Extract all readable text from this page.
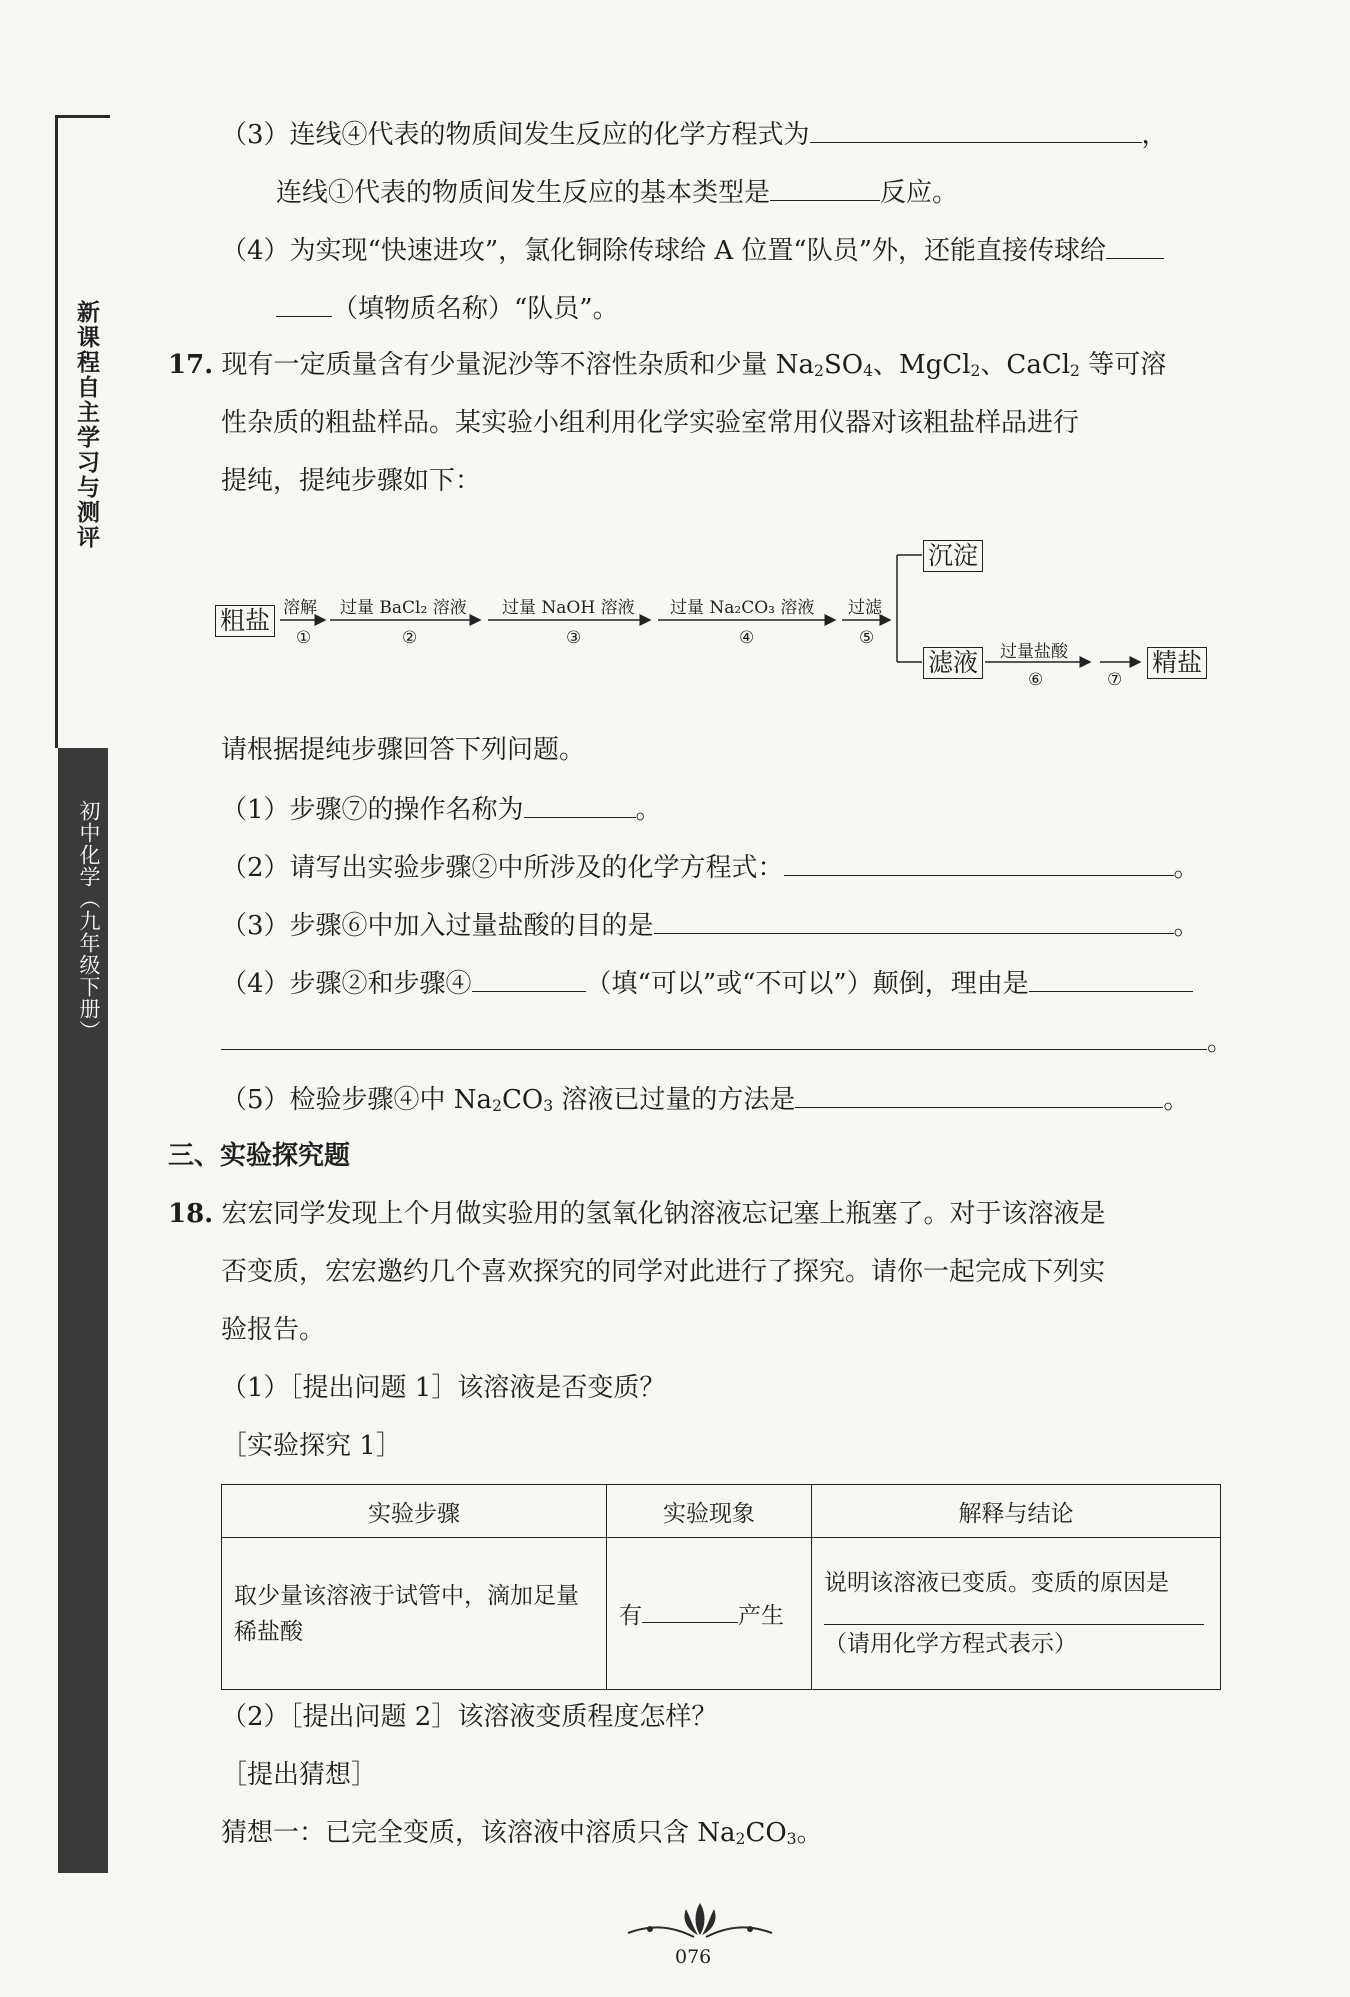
新课程自主学习与测评
初中化学（九年级下册）
（3）连线④代表的物质间发生反应的化学方程式为	，
连线①代表的物质间发生反应的基本类型是	反应。
（4）为实现“快速进攻”，氯化铜除传球给 A 位置“队员”外，还能直接传球给
（填物质名称）“队员”。
17. 现有一定质量含有少量泥沙等不溶性杂质和少量 $Na_2SO_4$、MgCl$_2$、CaCl$_2$ 等可溶
性杂质的粗盐样品。某实验小组利用化学实验室常用仪器对该粗盐样品进行
提纯，提纯步骤如下：
粗盐 溶解
①
过量 BaCl₂ 溶液
②
过量 NaOH 溶液
③
过量 Na₂CO₃ 溶液
④
过滤
⑤
沉淀
滤液 过量盐酸
⑥	⑦
精盐
请根据提纯步骤回答下列问题。
（1）步骤⑦的操作名称为	。
（2）请写出实验步骤②中所涉及的化学方程式：	。
（3）步骤⑥中加入过量盐酸的目的是	。
（4）步骤②和步骤④	（填“可以”或“不可以”）颠倒，理由是
。
（5）检验步骤④中 $Na_2CO_3$ 溶液已过量的方法是	。
三、实验探究题
18. 宏宏同学发现上个月做实验用的氢氧化钠溶液忘记塞上瓶塞了。对于该溶液是
否变质，宏宏邀约几个喜欢探究的同学对此进行了探究。请你一起完成下列实
验报告。
（1）［提出问题 1］该溶液是否变质？
［实验探究 1］
实验步骤	实验现象	解释与结论
取少量该溶液于试管中，滴加足量稀盐酸	有 产生	说明该溶液已变质。变质的原因是
（请用化学方程式表示）
（2）［提出问题 2］该溶液变质程度怎样？
［提出猜想］
猜想一：已完全变质，该溶液中溶质只含 $Na_2CO_3$。
076
